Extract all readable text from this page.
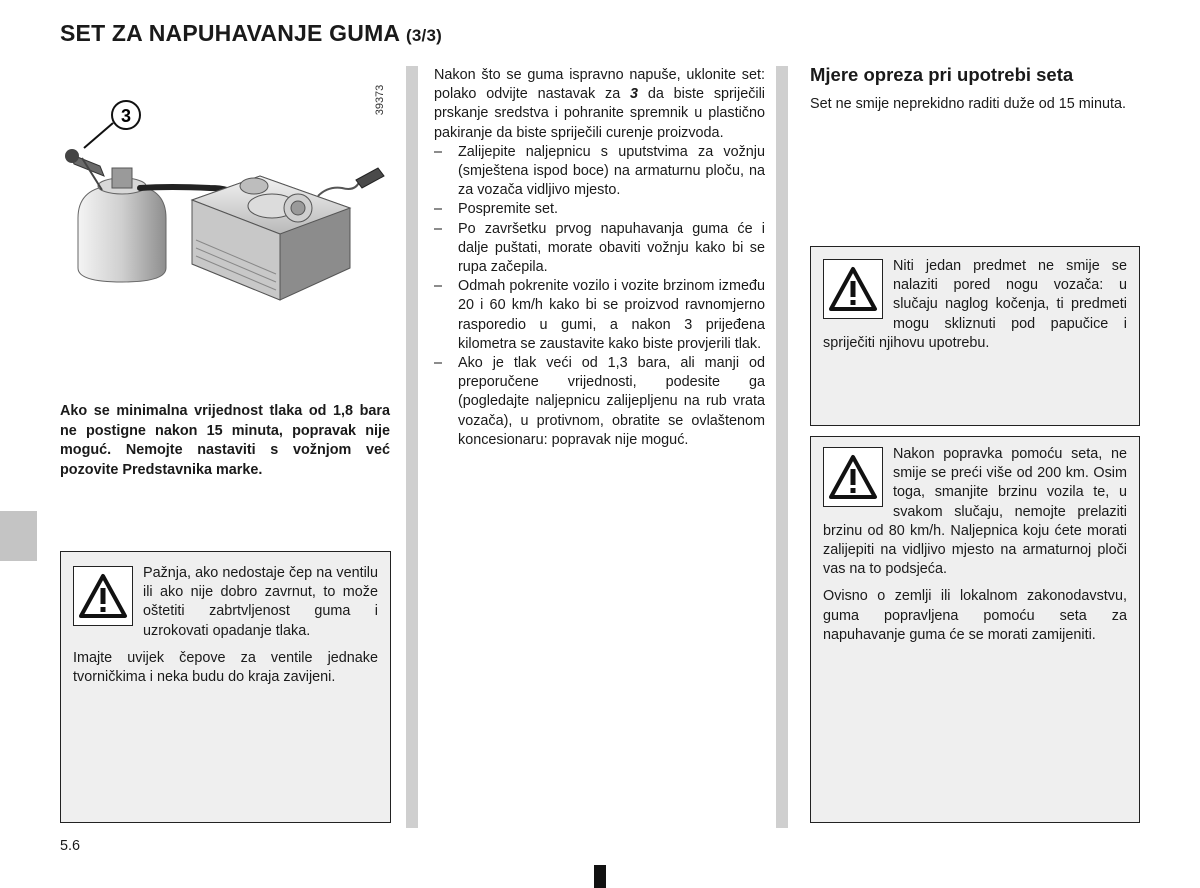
SET ZA NAPUHAVANJE GUMA (3/3)
3
39373
Ako se minimalna vrijednost tlaka od 1,8 bara ne postigne nakon 15 minuta, popravak nije moguć. Nemojte nastaviti s vožnjom već pozovite Predstavnika marke.

Pažnja, ako nedostaje čep na ventilu ili ako nije dobro zavrnut, to može oštetiti zabrtvljenost guma i uzrokovati opadanje tlaka.

Imajte uvijek čepove za ventile jednake tvorničkima i neka budu do kraja zavijeni.

Nakon što se guma ispravno napuše, uklonite set: polako odvijte nastavak za 3 da biste spriječili prskanje sredstva i pohranite spremnik u plastično pakiranje da biste spriječili curenje proizvoda.

– Zalijepite naljepnicu s uputstvima za vožnju (smještena ispod boce) na armaturnu ploču, na za vozača vidljivo mjesto.
– Pospremite set.
– Po završetku prvog napuhavanja guma će i dalje puštati, morate obaviti vožnju kako bi se rupa začepila.
– Odmah pokrenite vozilo i vozite brzinom između 20 i 60 km/h kako bi se proizvod ravnomjerno rasporedio u gumi, a nakon 3 prijeđena kilometra se zaustavite kako biste provjerili tlak.
– Ako je tlak veći od 1,3 bara, ali manji od preporučene vrijednosti, podesite ga (pogledajte naljepnicu zalijepljenu na rub vrata vozača), u protivnom, obratite se ovlaštenom koncesionaru: popravak nije moguć.
Mjere opreza pri upotrebi seta
Set ne smije neprekidno raditi duže od 15 minuta.

Niti jedan predmet ne smije se nalaziti pored nogu vozača: u slučaju naglog kočenja, ti predmeti mogu skliznuti pod papučice i spriječiti njihovu upotrebu.

Nakon popravka pomoću seta, ne smije se preći više od 200 km. Osim toga, smanjite brzinu vozila te, u svakom slučaju, nemojte prelaziti brzinu od 80 km/h. Naljepnica koju ćete morati zalijepiti na vidljivo mjesto na armaturnoj ploči vas na to podsjeća.

Ovisno o zemlji ili lokalnom zakonodavstvu, guma popravljena pomoću seta za napuhavanje guma će se morati zamijeniti.

5.6
